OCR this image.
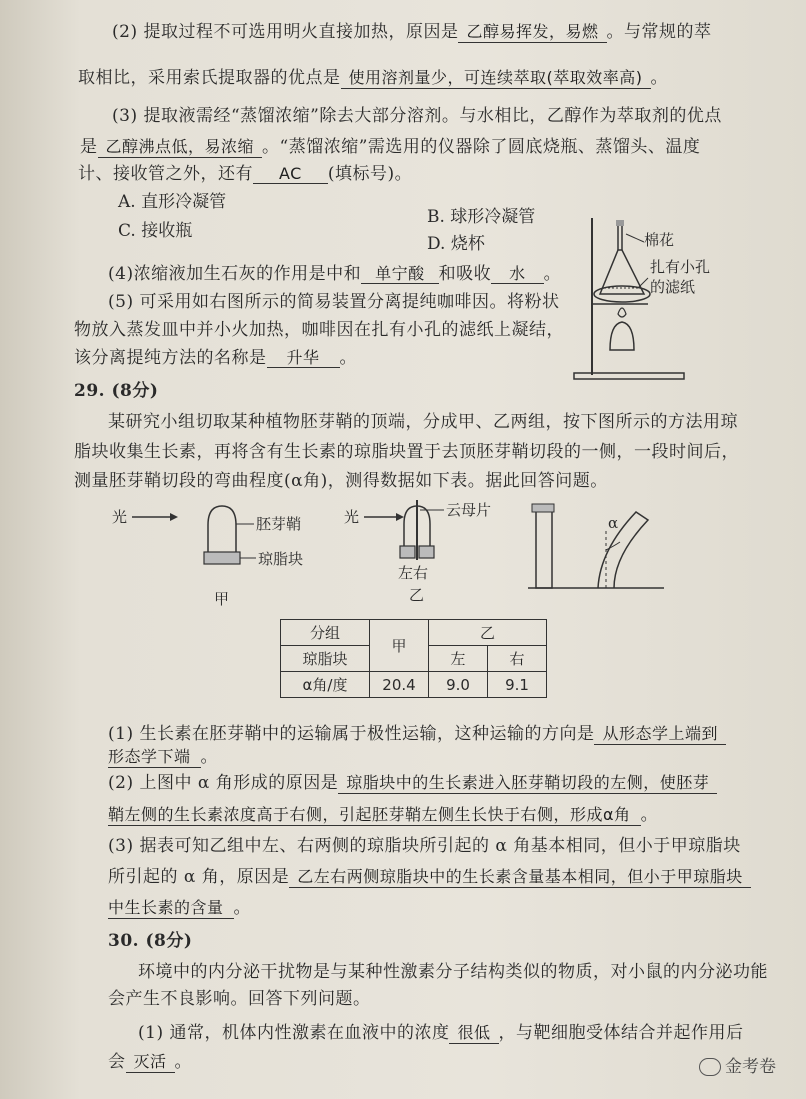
(2) 提取过程不可选用明火直接加热，原因是 乙醇易挥发，易燃 。与常规的萃
取相比，采用索氏提取器的优点是 使用溶剂量少，可连续萃取(萃取效率高) 。
(3) 提取液需经“蒸馏浓缩”除去大部分溶剂。与水相比，乙醇作为萃取剂的优点
是 乙醇沸点低，易浓缩 。“蒸馏浓缩”需选用的仪器除了圆底烧瓶、蒸馏头、温度
计、接收管之外，还有 AC (填标号)。
A. 直形冷凝管
B. 球形冷凝管
C. 接收瓶
D. 烧杯
(4)浓缩液加生石灰的作用是中和 单宁酸 和吸收 水 。
(5) 可采用如右图所示的简易装置分离提纯咖啡因。将粉状
物放入蒸发皿中并小火加热，咖啡因在扎有小孔的滤纸上凝结，
该分离提纯方法的名称是 升华 。
棉花
扎有小孔
的滤纸
29. (8分)
某研究小组切取某种植物胚芽鞘的顶端，分成甲、乙两组，按下图所示的方法用琼
脂块收集生长素，再将含有生长素的琼脂块置于去顶胚芽鞘切段的一侧，一段时间后，
测量胚芽鞘切段的弯曲程度(α角)，测得数据如下表。据此回答问题。
光	胚芽鞘
琼脂块
甲
光	云母片
左右
乙
α
分组	甲	乙	
琼脂块		左	右
α角/度	20.4	9.0	9.1
(1) 生长素在胚芽鞘中的运输属于极性运输，这种运输的方向是 从形态学上端到
形态学下端 。
(2) 上图中 α 角形成的原因是 琼脂块中的生长素进入胚芽鞘切段的左侧，使胚芽
鞘左侧的生长素浓度高于右侧，引起胚芽鞘左侧生长快于右侧，形成α角 。
(3) 据表可知乙组中左、右两侧的琼脂块所引起的 α 角基本相同，但小于甲琼脂块
所引起的 α 角，原因是 乙左右两侧琼脂块中的生长素含量基本相同，但小于甲琼脂块
中生长素的含量 。
30. (8分)
环境中的内分泌干扰物是与某种性激素分子结构类似的物质，对小鼠的内分泌功能
会产生不良影响。回答下列问题。
(1) 通常，机体内性激素在血液中的浓度 很低 ，与靶细胞受体结合并起作用后
会 灭活 。	金考卷
